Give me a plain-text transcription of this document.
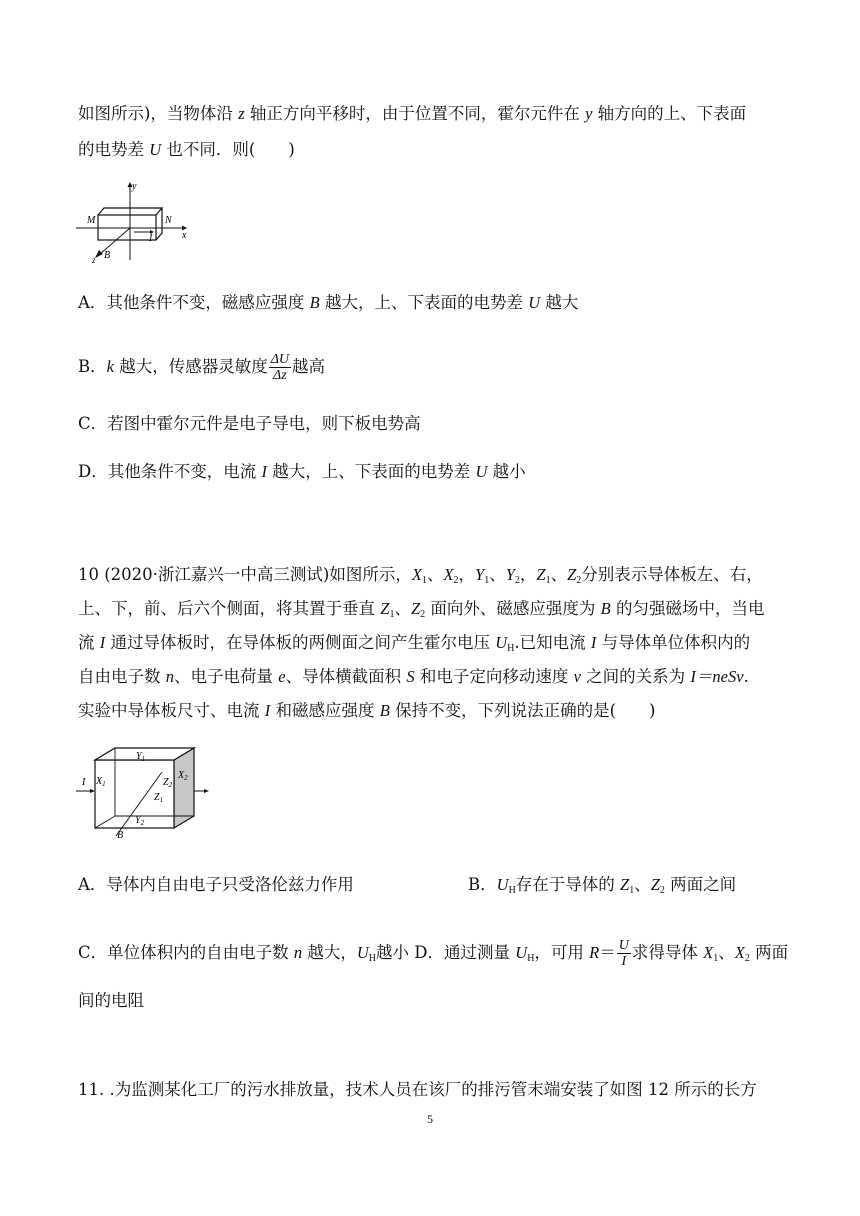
如图所示)，当物体沿 z 轴正方向平移时，由于位置不同，霍尔元件在 y 轴方向的上、下表面
的电势差 U 也不同．则(　　)
y
M	N
I	x
z B
A．其他条件不变，磁感应强度 B 越大，上、下表面的电势差 U 越大
B．k 越大，传感器灵敏度 $\frac{\Delta U}{\Delta z}$ 越高
C．若图中霍尔元件是电子导电，则下板电势高
D．其他条件不变，电流 I 越大，上、下表面的电势差 U 越小
10 (2020·浙江嘉兴一中高三测试)如图所示，$X_1$、$X_2$，$Y_1$、$Y_2$，$Z_1$、$Z_2$分别表示导体板左、右，
上、下，前、后六个侧面，将其置于垂直 $Z_1$、$Z_2$ 面向外、磁感应强度为 B 的匀强磁场中，当电
流 I 通过导体板时，在导体板的两侧面之间产生霍尔电压 $U_H$.已知电流 I 与导体单位体积内的
自由电子数 n、电子电荷量 e、导体横截面积 S 和电子定向移动速度 v 之间的关系为 I＝neSv.
实验中导体板尺寸、电流 I 和磁感应强度 B 保持不变，下列说法正确的是(　　)
$Y_1$
$X_1$
$X_2$
$Z_2$
$Z_1$
$Y_2$
I
B
A．导体内自由电子只受洛伦兹力作用	B．$U_H$存在于导体的 $Z_1$、$Z_2$ 两面之间
C．单位体积内的自由电子数 n 越大，$U_H$越小 D．通过测量 $U_H$，可用 $R= \frac{U}{I}$ 求得导体 $X_1$、$X_2$ 两面
间的电阻
11. .为监测某化工厂的污水排放量，技术人员在该厂的排污管末端安装了如图 12 所示的长方
5
